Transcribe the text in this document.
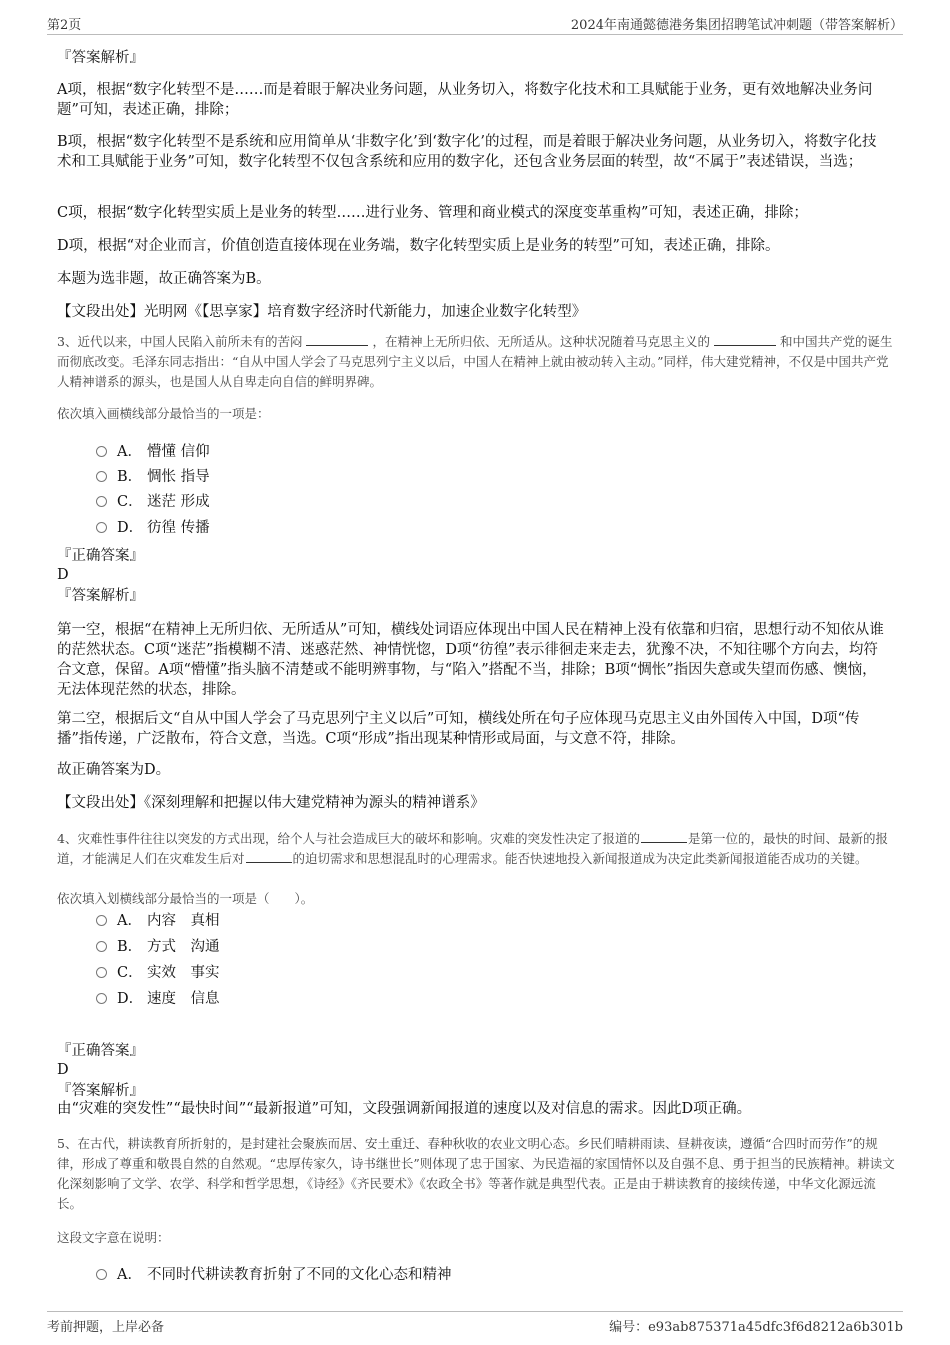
第2页	2024年南通懿德港务集团招聘笔试冲刺题（带答案解析）

『答案解析』

A项，根据“数字化转型不是……而是着眼于解决业务问题，从业务切入，将数字化技术和工具赋能于业务，更有效地解决业务问题”可知，表述正确，排除；

B项，根据“数字化转型不是系统和应用简单从‘非数字化’到‘数字化’的过程，而是着眼于解决业务问题，从业务切入，将数字化技术和工具赋能于业务”可知，数字化转型不仅包含系统和应用的数字化，还包含业务层面的转型，故“不属于”表述错误，当选；

C项，根据“数字化转型实质上是业务的转型……进行业务、管理和商业模式的深度变革重构”可知，表述正确，排除；

D项，根据“对企业而言，价值创造直接体现在业务端，数字化转型实质上是业务的转型”可知，表述正确，排除。

本题为选非题，故正确答案为B。

【文段出处】光明网《【思享家】培育数字经济时代新能力，加速企业数字化转型》

3、近代以来，中国人民陷入前所未有的苦闷	，在精神上无所归依、无所适从。这种状况随着马克思主义的	和中国共产党的诞生而彻底改变。毛泽东同志指出：“自从中国人学会了马克思列宁主义以后，中国人在精神上就由被动转入主动。”同样，伟大建党精神，不仅是中国共产党人精神谱系的源头，也是国人从自卑走向自信的鲜明界碑。

依次填入画横线部分最恰当的一项是：

A． 懵懂 信仰
B． 惆怅 指导
C． 迷茫 形成
D． 彷徨 传播

『正确答案』

D

『答案解析』

第一空，根据“在精神上无所归依、无所适从”可知，横线处词语应体现出中国人民在精神上没有依靠和归宿，思想行动不知依从谁的茫然状态。C项“迷茫”指模糊不清、迷惑茫然、神情恍惚，D项“彷徨”表示徘徊走来走去，犹豫不决，不知往哪个方向去，均符合文意，保留。A项“懵懂”指头脑不清楚或不能明辨事物，与“陷入”搭配不当，排除；B项“惆怅”指因失意或失望而伤感、懊恼，无法体现茫然的状态，排除。

第二空，根据后文“自从中国人学会了马克思列宁主义以后”可知，横线处所在句子应体现马克思主义由外国传入中国，D项“传播”指传递，广泛散布，符合文意，当选。C项“形成”指出现某种情形或局面，与文意不符，排除。

故正确答案为D。

【文段出处】《深刻理解和把握以伟大建党精神为源头的精神谱系》

4、灾难性事件往往以突发的方式出现，给个人与社会造成巨大的破坏和影响。灾难的突发性决定了报道的	是第一位的，最快的时间、最新的报道，才能满足人们在灾难发生后对	的迫切需求和思想混乱时的心理需求。能否快速地投入新闻报道成为决定此类新闻报道能否成功的关键。

依次填入划横线部分最恰当的一项是（　　）。

A． 内容　真相
B． 方式　沟通
C． 实效　事实
D． 速度　信息

『正确答案』

D

『答案解析』

由“灾难的突发性”“最快时间”“最新报道”可知，文段强调新闻报道的速度以及对信息的需求。因此D项正确。

5、在古代，耕读教育所折射的，是封建社会聚族而居、安土重迁、春种秋收的农业文明心态。乡民们晴耕雨读、昼耕夜读，遵循“合四时而劳作”的规律，形成了尊重和敬畏自然的自然观。“忠厚传家久，诗书继世长”则体现了忠于国家、为民造福的家国情怀以及自强不息、勇于担当的民族精神。耕读文化深刻影响了文学、农学、科学和哲学思想，《诗经》《齐民要术》《农政全书》等著作就是典型代表。正是由于耕读教育的接续传递，中华文化源远流长。

这段文字意在说明：

A． 不同时代耕读教育折射了不同的文化心态和精神
考前押题，上岸必备	编号：e93ab875371a45dfc3f6d8212a6b301b
